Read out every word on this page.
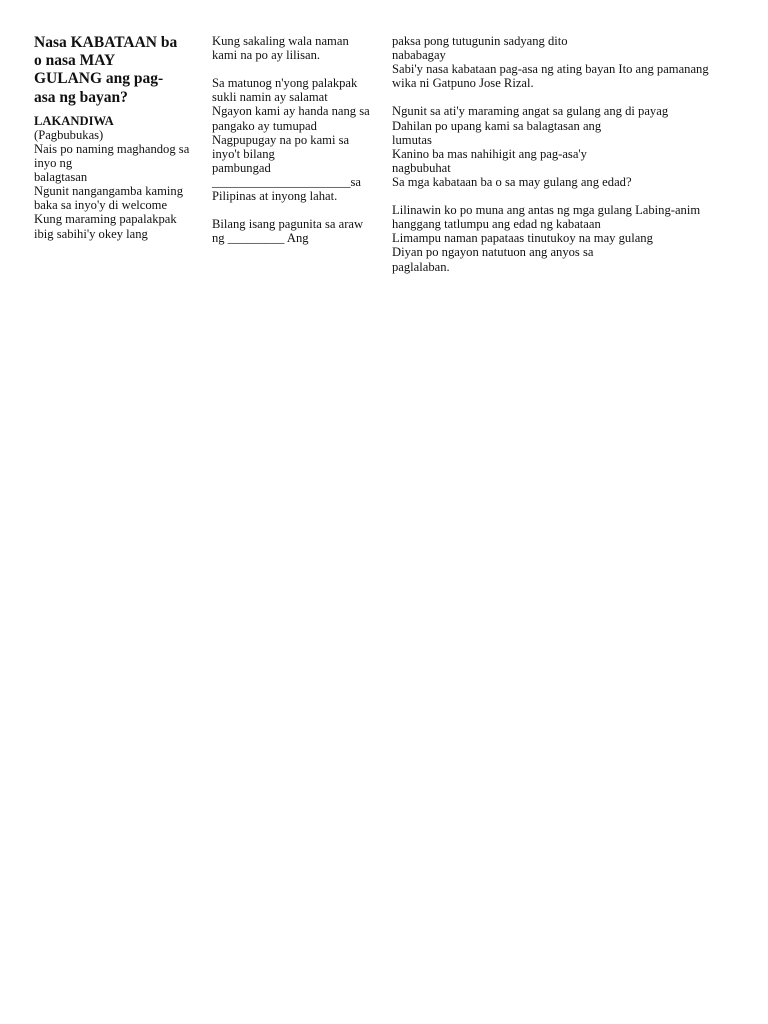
Nasa KABATAAN ba o nasa MAY GULANG ang pag-asa ng bayan?
LAKANDIWA
(Pagbubukas)
Nais po naming maghandog sa inyo ng
balagtasan
Ngunit nangangamba kaming baka sa inyo'y di welcome
Kung maraming papalakpak ibig sabihi'y okey lang
Kung sakaling wala naman kami na po ay lilisan.
Sa matunog n'yong palakpak sukli namin ay salamat
Ngayon kami ay handa nang sa pangako ay tumupad
Nagpupugay na po kami sa inyo't bilang
pambungad
______________________sa Pilipinas at inyong lahat.
Bilang isang pagunita sa araw ng _________ Ang
paksa pong tutugunin sadyang dito
nababagay
Sabi'y nasa kabataan pag-asa ng ating bayan Ito ang pamanang wika ni Gatpuno Jose Rizal.
Ngunit sa ati'y maraming angat sa gulang ang di payag
Dahilan po upang kami sa balagtasan ang
lumutas
Kanino ba mas nahihigit ang pag-asa'y
nagbubuhat
Sa mga kabataan ba o sa may gulang ang edad?
Lilinawin ko po muna ang antas ng mga gulang Labing-anim hanggang tatlumpu ang edad ng kabataan
Limampu naman papataas tinutukoy na may gulang
Diyan po ngayon natutuon ang anyos sa
paglalaban.
